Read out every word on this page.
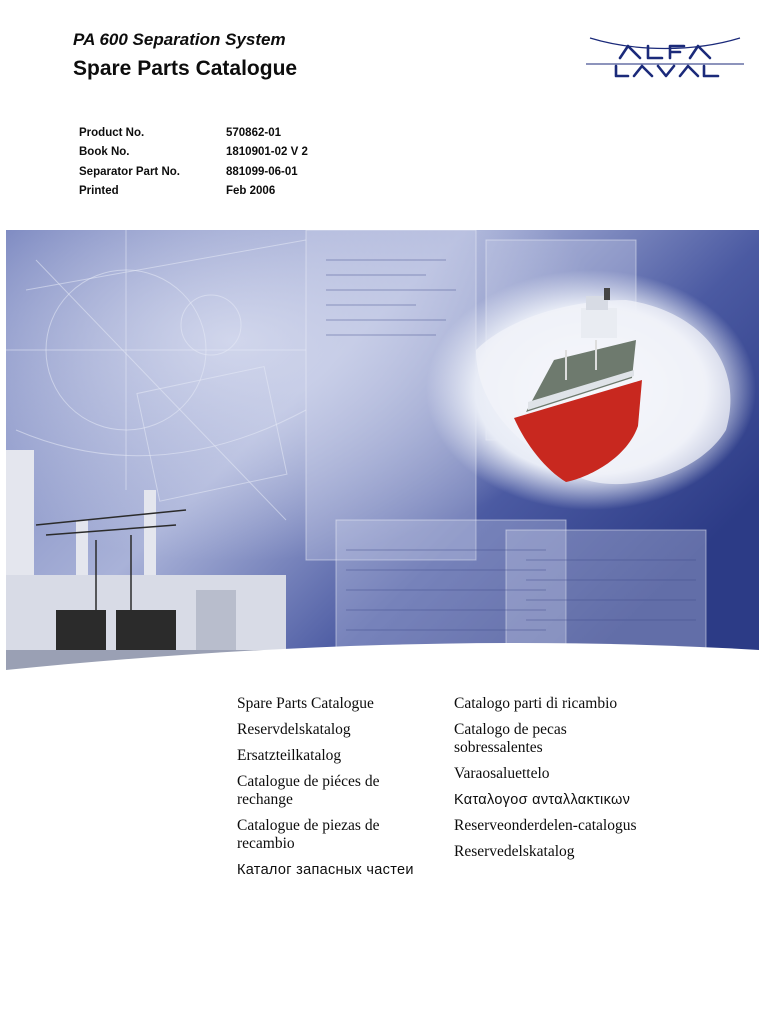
PA 600 Separation System
Spare Parts Catalogue
Product No.	570862-01
Book No.	1810901-02 V 2
Separator Part No.	881099-06-01
Printed	Feb 2006
Spare Parts Catalogue
Reservdelskatalog
Ersatzteilkatalog
Catalogue de piéces de rechange
Catalogue de piezas de recambio
Каталог запасных частеи
Catalogo parti di ricambio
Catalogo de pecas sobressalentes
Varaosaluettelo
Καταλογοσ ανταλλακτικων
Reserveonderdelen-catalogus
Reservedelskatalog
